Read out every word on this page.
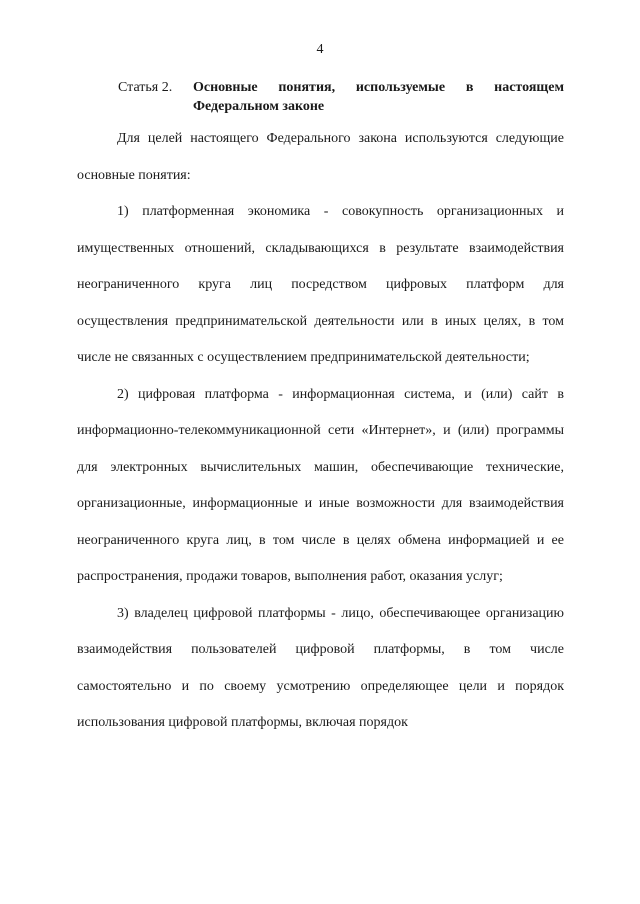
4
Статья 2. Основные понятия, используемые в настоящем Федеральном законе

Для целей настоящего Федерального закона используются следующие основные понятия:

1) платформенная экономика - совокупность организационных и имущественных отношений, складывающихся в результате взаимодействия неограниченного круга лиц посредством цифровых платформ для осуществления предпринимательской деятельности или в иных целях, в том числе не связанных с осуществлением предпринимательской деятельности;

2) цифровая платформа - информационная система, и (или) сайт в информационно-телекоммуникационной сети «Интернет», и (или) программы для электронных вычислительных машин, обеспечивающие технические, организационные, информационные и иные возможности для взаимодействия неограниченного круга лиц, в том числе в целях обмена информацией и ее распространения, продажи товаров, выполнения работ, оказания услуг;

3) владелец цифровой платформы - лицо, обеспечивающее организацию взаимодействия пользователей цифровой платформы, в том числе самостоятельно и по своему усмотрению определяющее цели и порядок использования цифровой платформы, включая порядок
